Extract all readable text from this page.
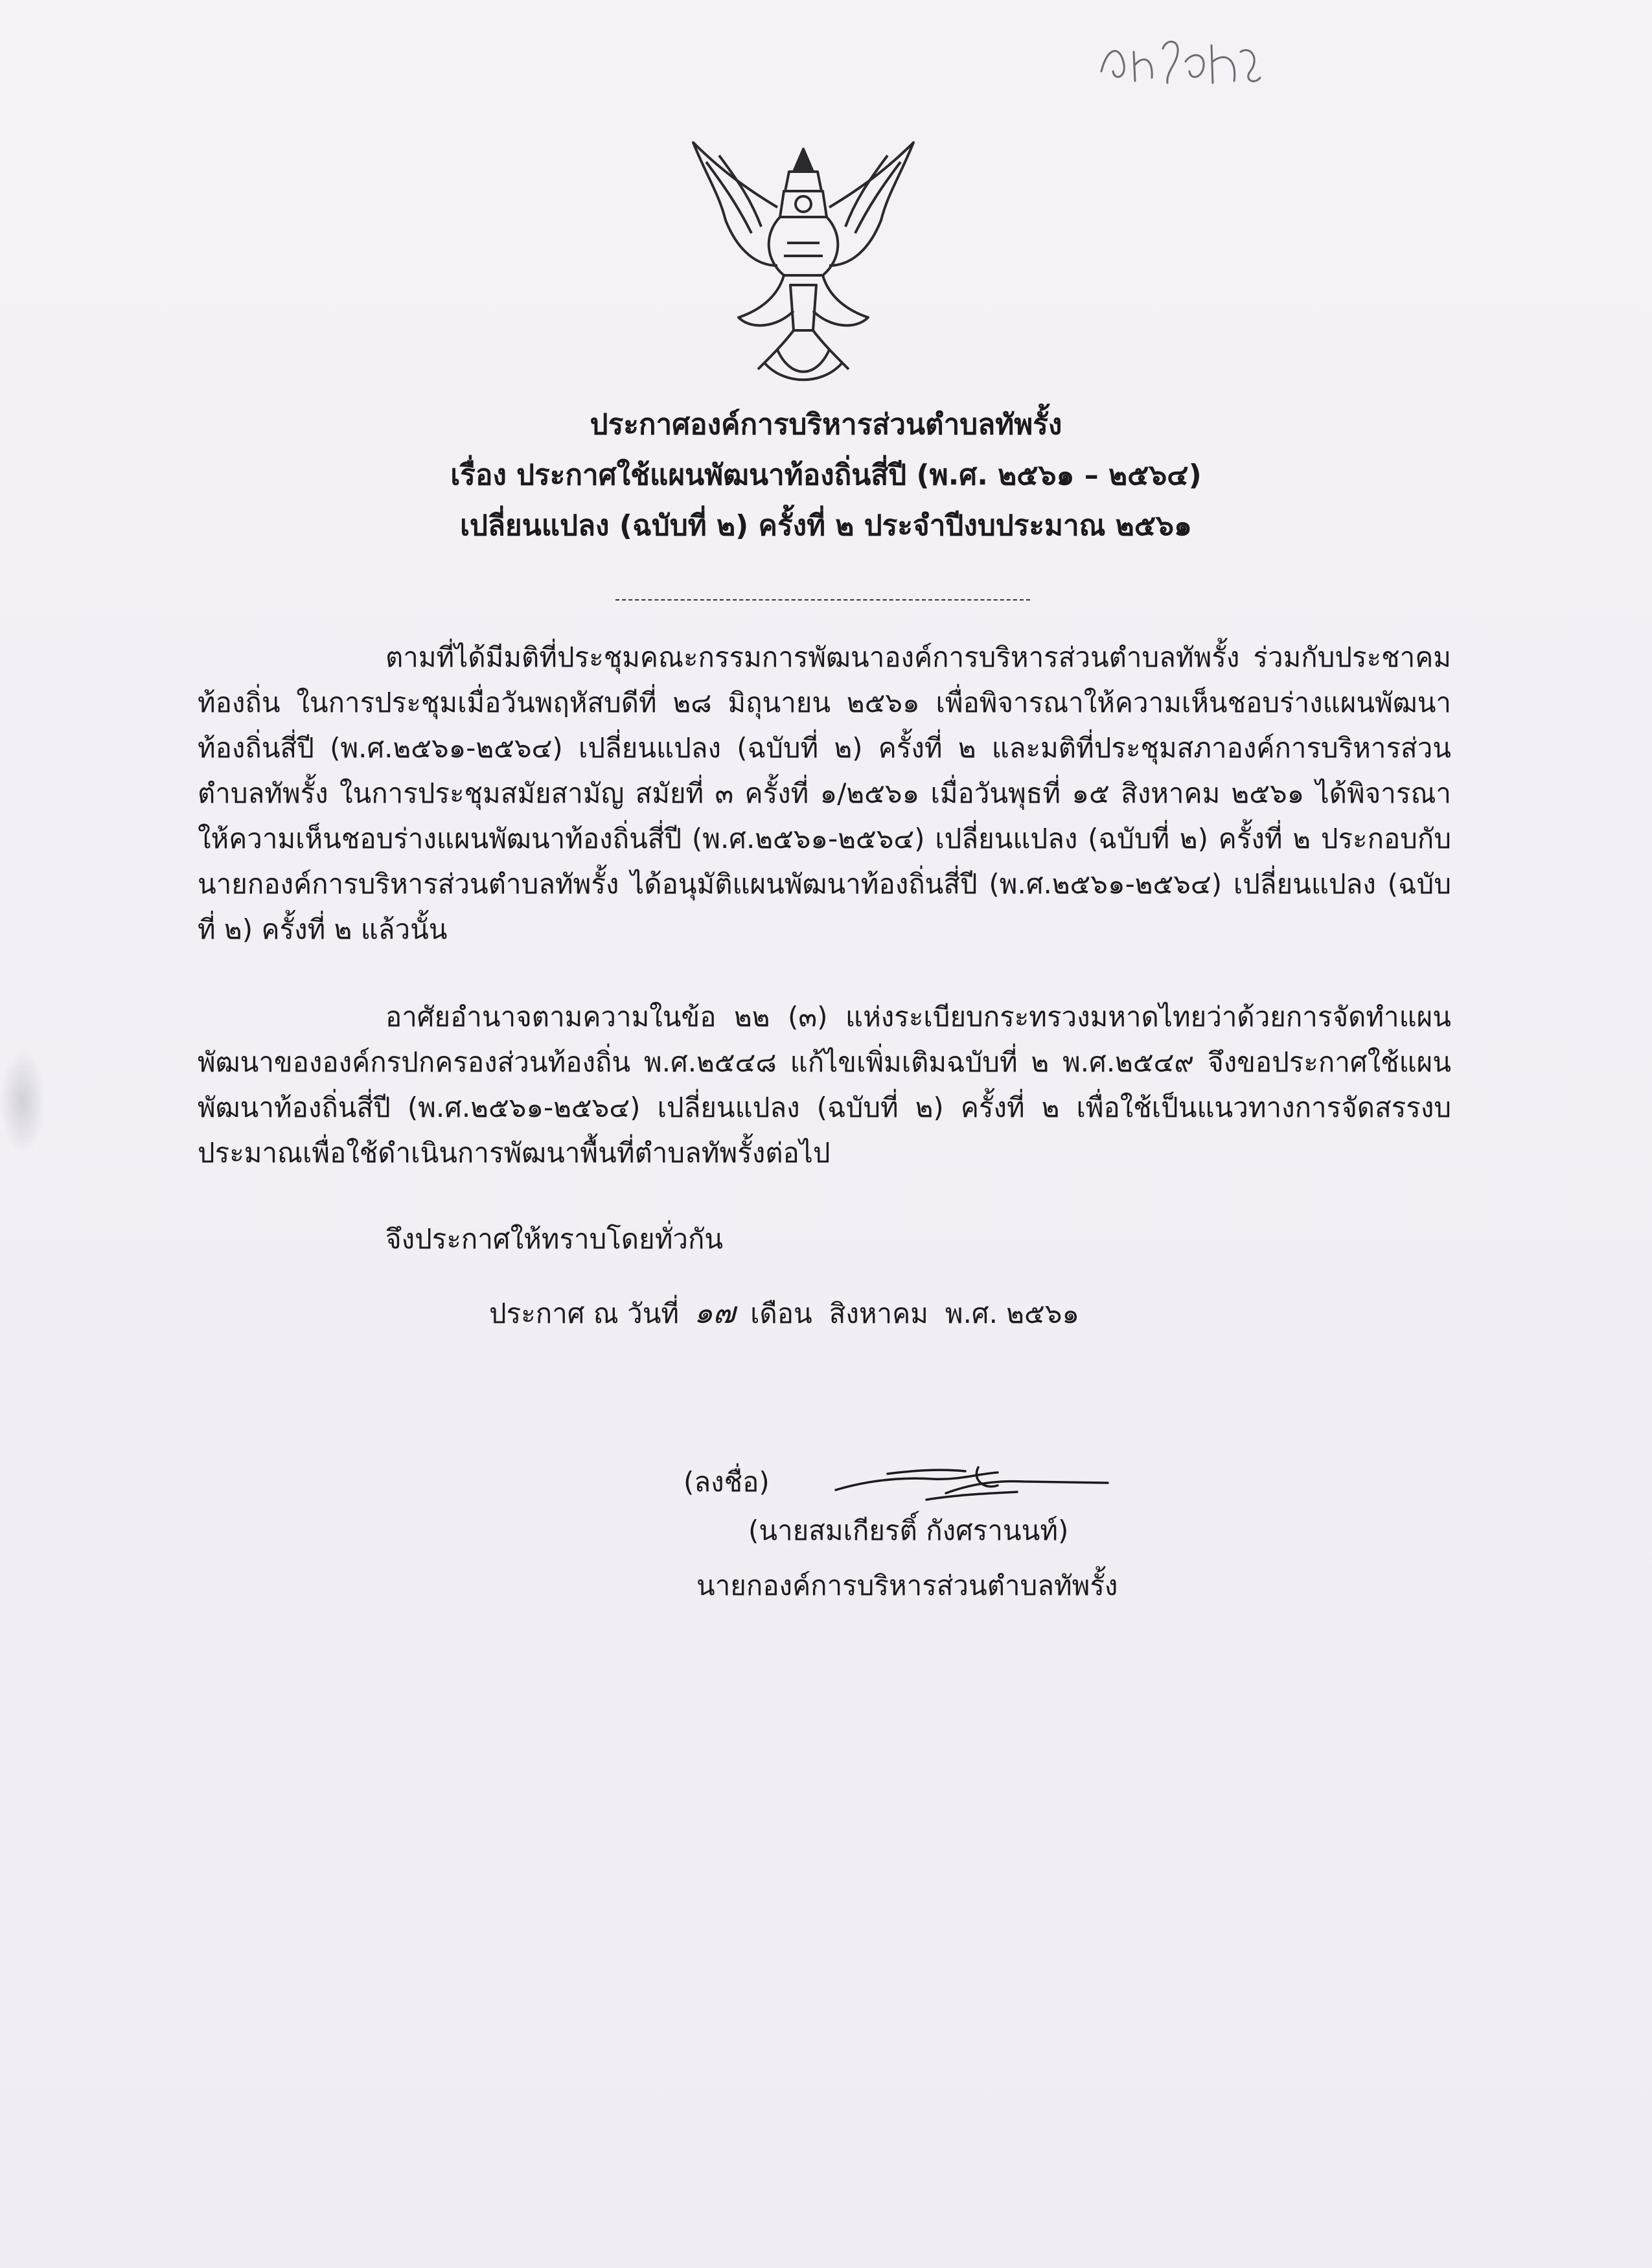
ประกาศองค์การบริหารส่วนตำบลทัพรั้ง
เรื่อง ประกาศใช้แผนพัฒนาท้องถิ่นสี่ปี (พ.ศ. ๒๕๖๑ – ๒๕๖๔)
เปลี่ยนแปลง (ฉบับที่ ๒) ครั้งที่ ๒ ประจำปีงบประมาณ ๒๕๖๑
ตามที่ได้มีมติที่ประชุมคณะกรรมการพัฒนาองค์การบริหารส่วนตำบลทัพรั้ง ร่วมกับประชาคมท้องถิ่น ในการประชุมเมื่อวันพฤหัสบดีที่ ๒๘ มิถุนายน ๒๕๖๑ เพื่อพิจารณาให้ความเห็นชอบร่างแผนพัฒนาท้องถิ่นสี่ปี (พ.ศ.๒๕๖๑-๒๕๖๔) เปลี่ยนแปลง (ฉบับที่ ๒) ครั้งที่ ๒ และมติที่ประชุมสภาองค์การบริหารส่วนตำบลทัพรั้ง ในการประชุมสมัยสามัญ สมัยที่ ๓ ครั้งที่ ๑/๒๕๖๑ เมื่อวันพุธที่ ๑๕ สิงหาคม ๒๕๖๑ ได้พิจารณาให้ความเห็นชอบร่างแผนพัฒนาท้องถิ่นสี่ปี (พ.ศ.๒๕๖๑-๒๕๖๔) เปลี่ยนแปลง (ฉบับที่ ๒) ครั้งที่ ๒ ประกอบกับนายกองค์การบริหารส่วนตำบลทัพรั้ง ได้อนุมัติแผนพัฒนาท้องถิ่นสี่ปี (พ.ศ.๒๕๖๑-๒๕๖๔) เปลี่ยนแปลง (ฉบับที่ ๒) ครั้งที่ ๒ แล้วนั้น
อาศัยอำนาจตามความในข้อ ๒๒ (๓) แห่งระเบียบกระทรวงมหาดไทยว่าด้วยการจัดทำแผนพัฒนาขององค์กรปกครองส่วนท้องถิ่น พ.ศ.๒๕๔๘ แก้ไขเพิ่มเติมฉบับที่ ๒ พ.ศ.๒๕๔๙ จึงขอประกาศใช้แผนพัฒนาท้องถิ่นสี่ปี (พ.ศ.๒๕๖๑-๒๕๖๔) เปลี่ยนแปลง (ฉบับที่ ๒) ครั้งที่ ๒ เพื่อใช้เป็นแนวทางการจัดสรรงบประมาณเพื่อใช้ดำเนินการพัฒนาพื้นที่ตำบลทัพรั้งต่อไป
จึงประกาศให้ทราบโดยทั่วกัน
ประกาศ ณ วันที่ ๑๗ เดือน สิงหาคม พ.ศ. ๒๕๖๑
(ลงชื่อ)
(นายสมเกียรติ์ กังศรานนท์)
นายกองค์การบริหารส่วนตำบลทัพรั้ง
